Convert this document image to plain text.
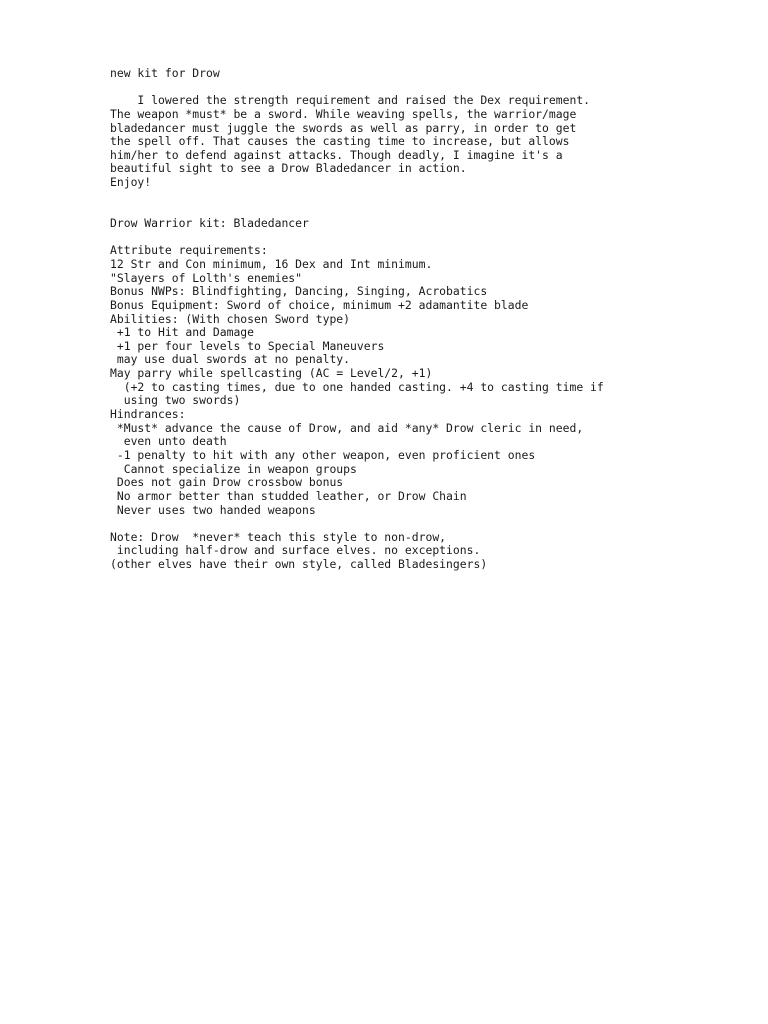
new kit for Drow
I lowered the strength requirement and raised the Dex requirement.
The weapon *must* be a sword. While weaving spells, the warrior/mage
bladedancer must juggle the swords as well as parry, in order to get
the spell off. That causes the casting time to increase, but allows
him/her to defend against attacks. Though deadly, I imagine it's a
beautiful sight to see a Drow Bladedancer in action.
Enjoy!
Drow Warrior kit: Bladedancer
Attribute requirements:
12 Str and Con minimum, 16 Dex and Int minimum.
"Slayers of Lolth's enemies"
Bonus NWPs: Blindfighting, Dancing, Singing, Acrobatics
Bonus Equipment: Sword of choice, minimum +2 adamantite blade
Abilities: (With chosen Sword type)
+1 to Hit and Damage
+1 per four levels to Special Maneuvers
may use dual swords at no penalty.
May parry while spellcasting (AC = Level/2, +1)
(+2 to casting times, due to one handed casting. +4 to casting time if
using two swords)
Hindrances:
*Must* advance the cause of Drow, and aid *any* Drow cleric in need,
even unto death
-1 penalty to hit with any other weapon, even proficient ones
Cannot specialize in weapon groups
Does not gain Drow crossbow bonus
No armor better than studded leather, or Drow Chain
Never uses two handed weapons
Note: Drow  *never* teach this style to non-drow,
including half-drow and surface elves. no exceptions.
(other elves have their own style, called Bladesingers)
